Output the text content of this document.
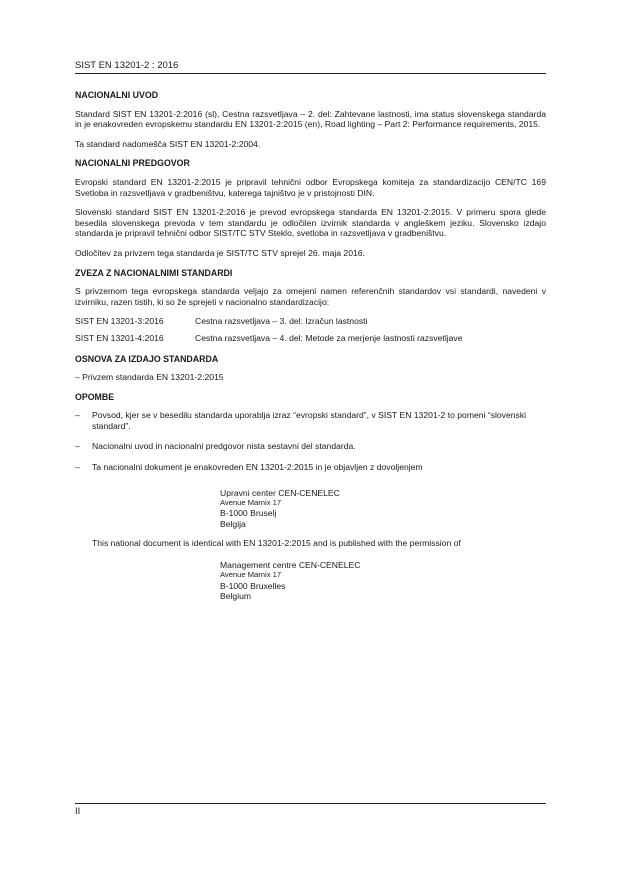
SIST EN 13201-2 : 2016
NACIONALNI UVOD

Standard SIST EN 13201-2:2016 (sl), Cestna razsvetljava – 2. del: Zahtevane lastnosti, ima status slovenskega standarda in je enakovreden evropskemu standardu EN 13201-2:2015 (en), Road lighting – Part 2: Performance requirements, 2015.

Ta standard nadomešča SIST EN 13201-2:2004.

NACIONALNI PREDGOVOR

Evropski standard EN 13201-2:2015 je pripravil tehnični odbor Evropskega komiteja za standardizacijo CEN/TC 169 Svetloba in razsvetljava v gradbeništvu, katerega tajništvo je v pristojnosti DIN.

Slovenski standard SIST EN 13201-2:2016 je prevod evropskega standarda EN 13201-2:2015. V primeru spora glede besedila slovenskega prevoda v tem standardu je odločilen izvirnik standarda v angleškem jeziku. Slovensko izdajo standarda je pripravil tehnični odbor SIST/TC STV Steklo, svetloba in razsvetljava v gradbeništvu.

Odločitev za privzem tega standarda je SIST/TC STV sprejel 26. maja 2016.

ZVEZA Z NACIONALNIMI STANDARDI

S privzemom tega evropskega standarda veljajo za omejeni namen referenčnih standardov vsi standardi, navedeni v izvirniku, razen tistih, ki so že sprejeti v nacionalno standardizacijo:

SIST EN 13201-3:2016	Cestna razsvetljava – 3. del: Izračun lastnosti
SIST EN 13201-4:2016	Cestna razsvetljava – 4. del: Metode za merjenje lastnosti razsvetljave
OSNOVA ZA IZDAJO STANDARDA

– Privzem standarda EN 13201-2:2015

OPOMBE
–	Povsod, kjer se v besedilu standarda uporablja izraz “evropski standard”, v SIST EN 13201-2 to pomeni “slovenski standard”.
–	Nacionalni uvod in nacionalni predgovor nista sestavni del standarda.
–	Ta nacionalni dokument je enakovreden EN 13201-2:2015 in je objavljen z dovoljenjem
Upravni center CEN-CENELEC
Avenue Marnix 17
B-1000 Bruselj
Belgija

This national document is identical with EN 13201-2:2015 and is published with the permission of

Management centre CEN-CENELEC
Avenue Marnix 17
B-1000 Bruxelles
Belgium
II
